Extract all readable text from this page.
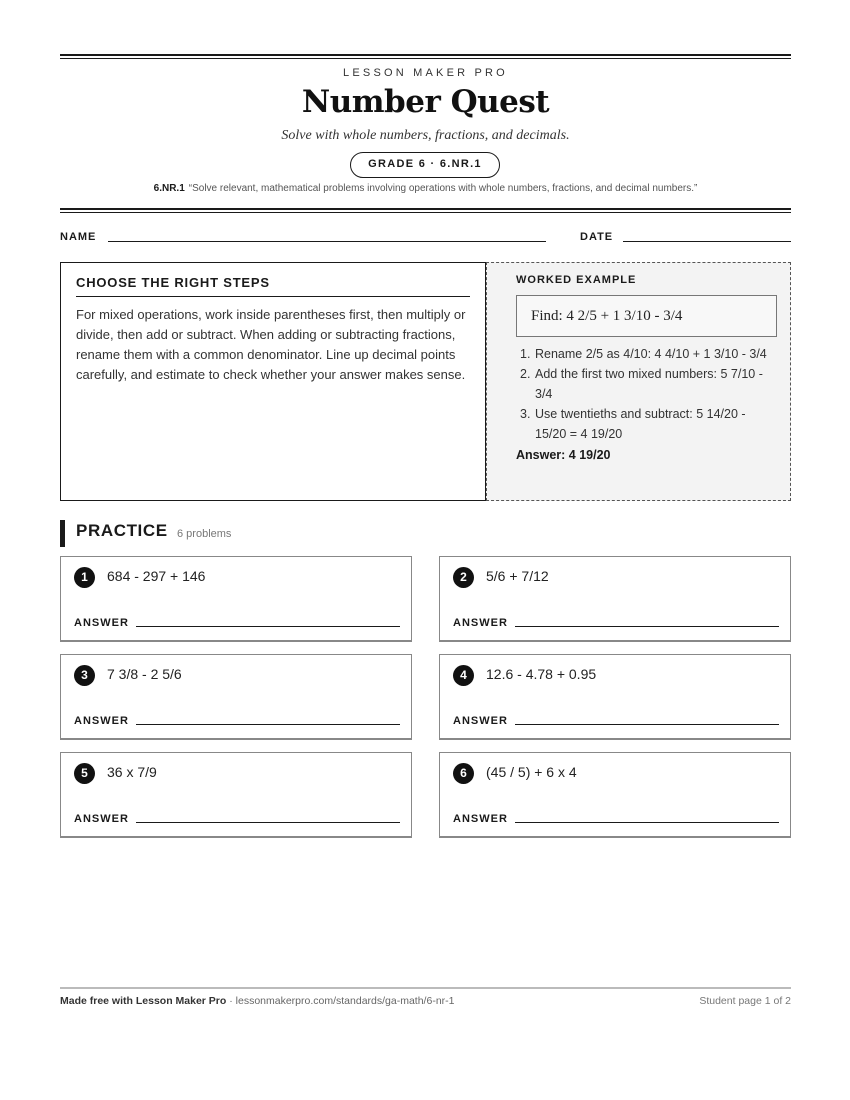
LESSON MAKER PRO
Number Quest
Solve with whole numbers, fractions, and decimals.
GRADE 6 · 6.NR.1
6.NR.1 “Solve relevant, mathematical problems involving operations with whole numbers, fractions, and decimal numbers.”
NAME	DATE
CHOOSE THE RIGHT STEPS
For mixed operations, work inside parentheses first, then multiply or divide, then add or subtract. When adding or subtracting fractions, rename them with a common denominator. Line up decimal points carefully, and estimate to check whether your answer makes sense.
WORKED EXAMPLE
Find: 4 2/5 + 1 3/10 - 3/4
1. Rename 2/5 as 4/10: 4 4/10 + 1 3/10 - 3/4
2. Add the first two mixed numbers: 5 7/10 - 3/4
3. Use twentieths and subtract: 5 14/20 - 15/20 = 4 19/20
Answer: 4 19/20
PRACTICE 6 problems
1	684 - 297 + 146
ANSWER
2	5/6 + 7/12
ANSWER
3	7 3/8 - 2 5/6
ANSWER
4	12.6 - 4.78 + 0.95
ANSWER
5	36 x 7/9
ANSWER
6	(45 / 5) + 6 x 4
ANSWER
Made free with Lesson Maker Pro · lessonmakerpro.com/standards/ga-math/6-nr-1	Student page 1 of 2
